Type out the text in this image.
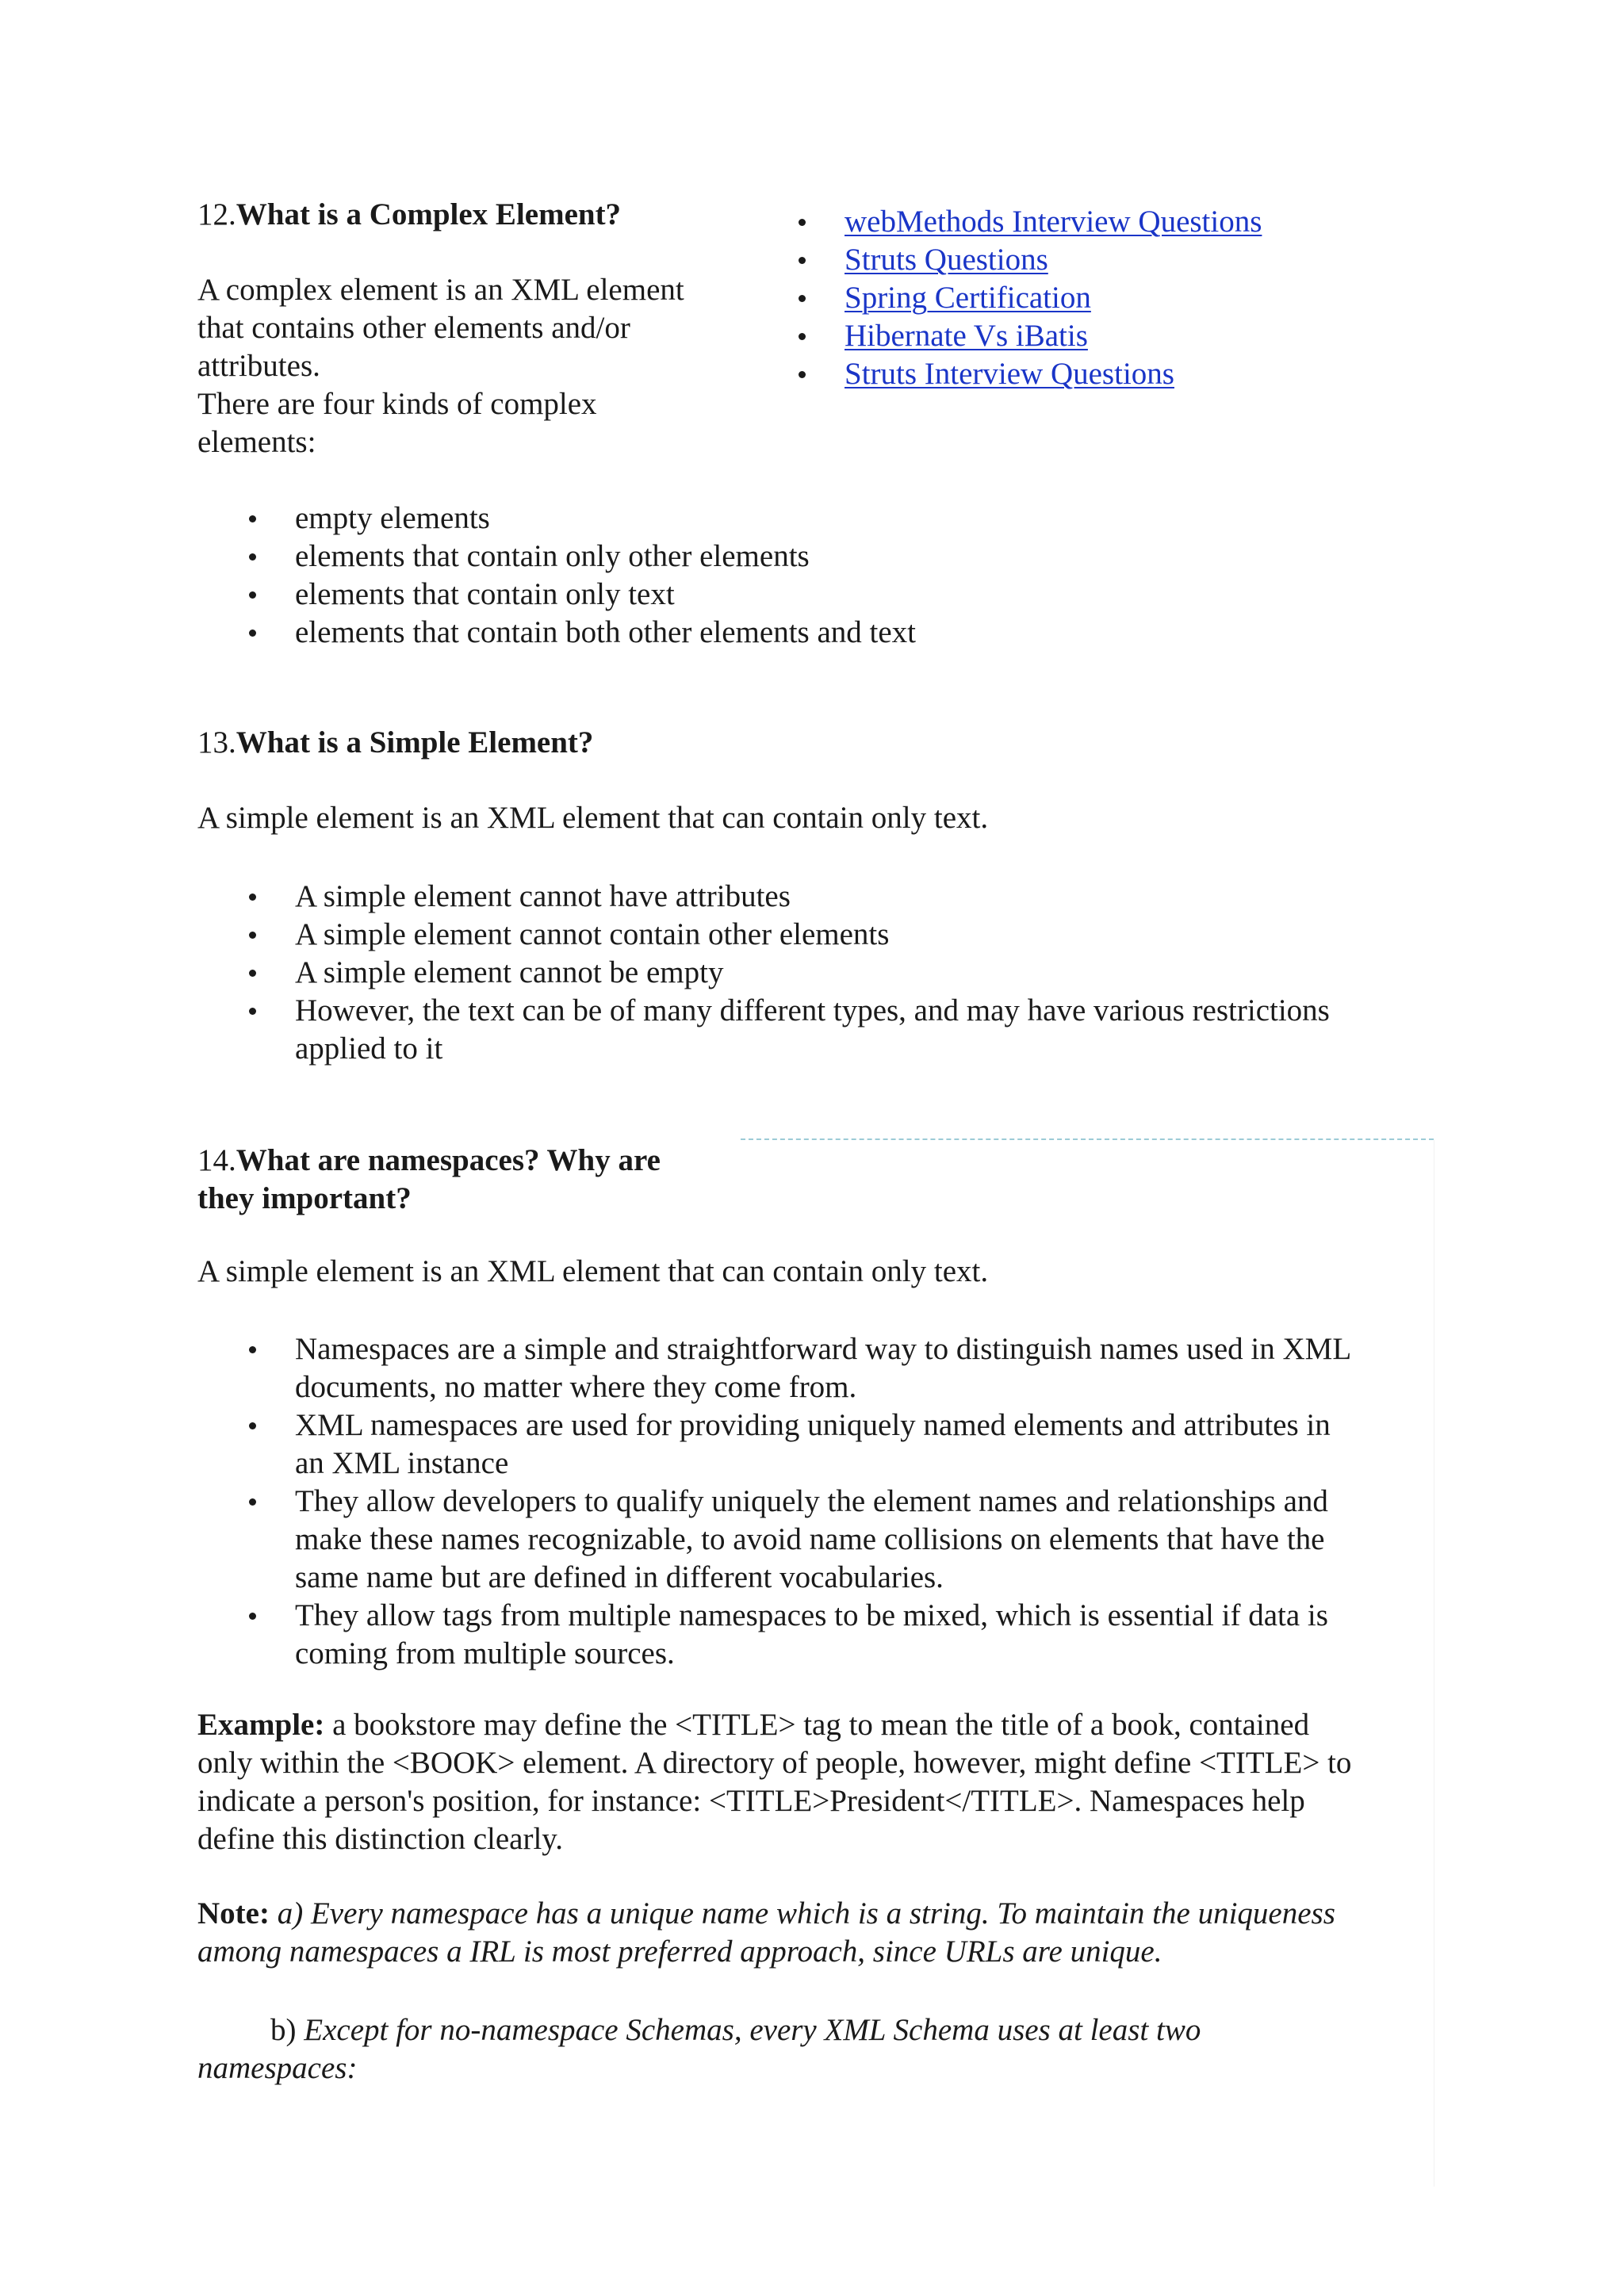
12.What is a Complex Element?

A complex element is an XML element

that contains other elements and/or

attributes.

There are four kinds of complex

elements:

webMethods Interview Questions
Struts Questions
Spring Certification
Hibernate Vs iBatis
Struts Interview Questions
empty elements
elements that contain only other elements
elements that contain only text
elements that contain both other elements and text
13.What is a Simple Element?
A simple element is an XML element that can contain only text.
A simple element cannot have attributes
A simple element cannot contain other elements
A simple element cannot be empty
However, the text can be of many different types, and may have various restrictions
applied to it
14.What are namespaces? Why are
they important?
A simple element is an XML element that can contain only text.
Namespaces are a simple and straightforward way to distinguish names used in XML
documents, no matter where they come from.
XML namespaces are used for providing uniquely named elements and attributes in
an XML instance
They allow developers to qualify uniquely the element names and relationships and
make these names recognizable, to avoid name collisions on elements that have the
same name but are defined in different vocabularies.
They allow tags from multiple namespaces to be mixed, which is essential if data is
coming from multiple sources.

Example: a bookstore may define the <TITLE> tag to mean the title of a book, contained

only within the <BOOK> element. A directory of people, however, might define <TITLE> to

indicate a person's position, for instance: <TITLE>President</TITLE>. Namespaces help

define this distinction clearly.

Note: a) Every namespace has a unique name which is a string. To maintain the uniqueness

among namespaces a IRL is most preferred approach, since URLs are unique.

b) Except for no-namespace Schemas, every XML Schema uses at least two

namespaces:
